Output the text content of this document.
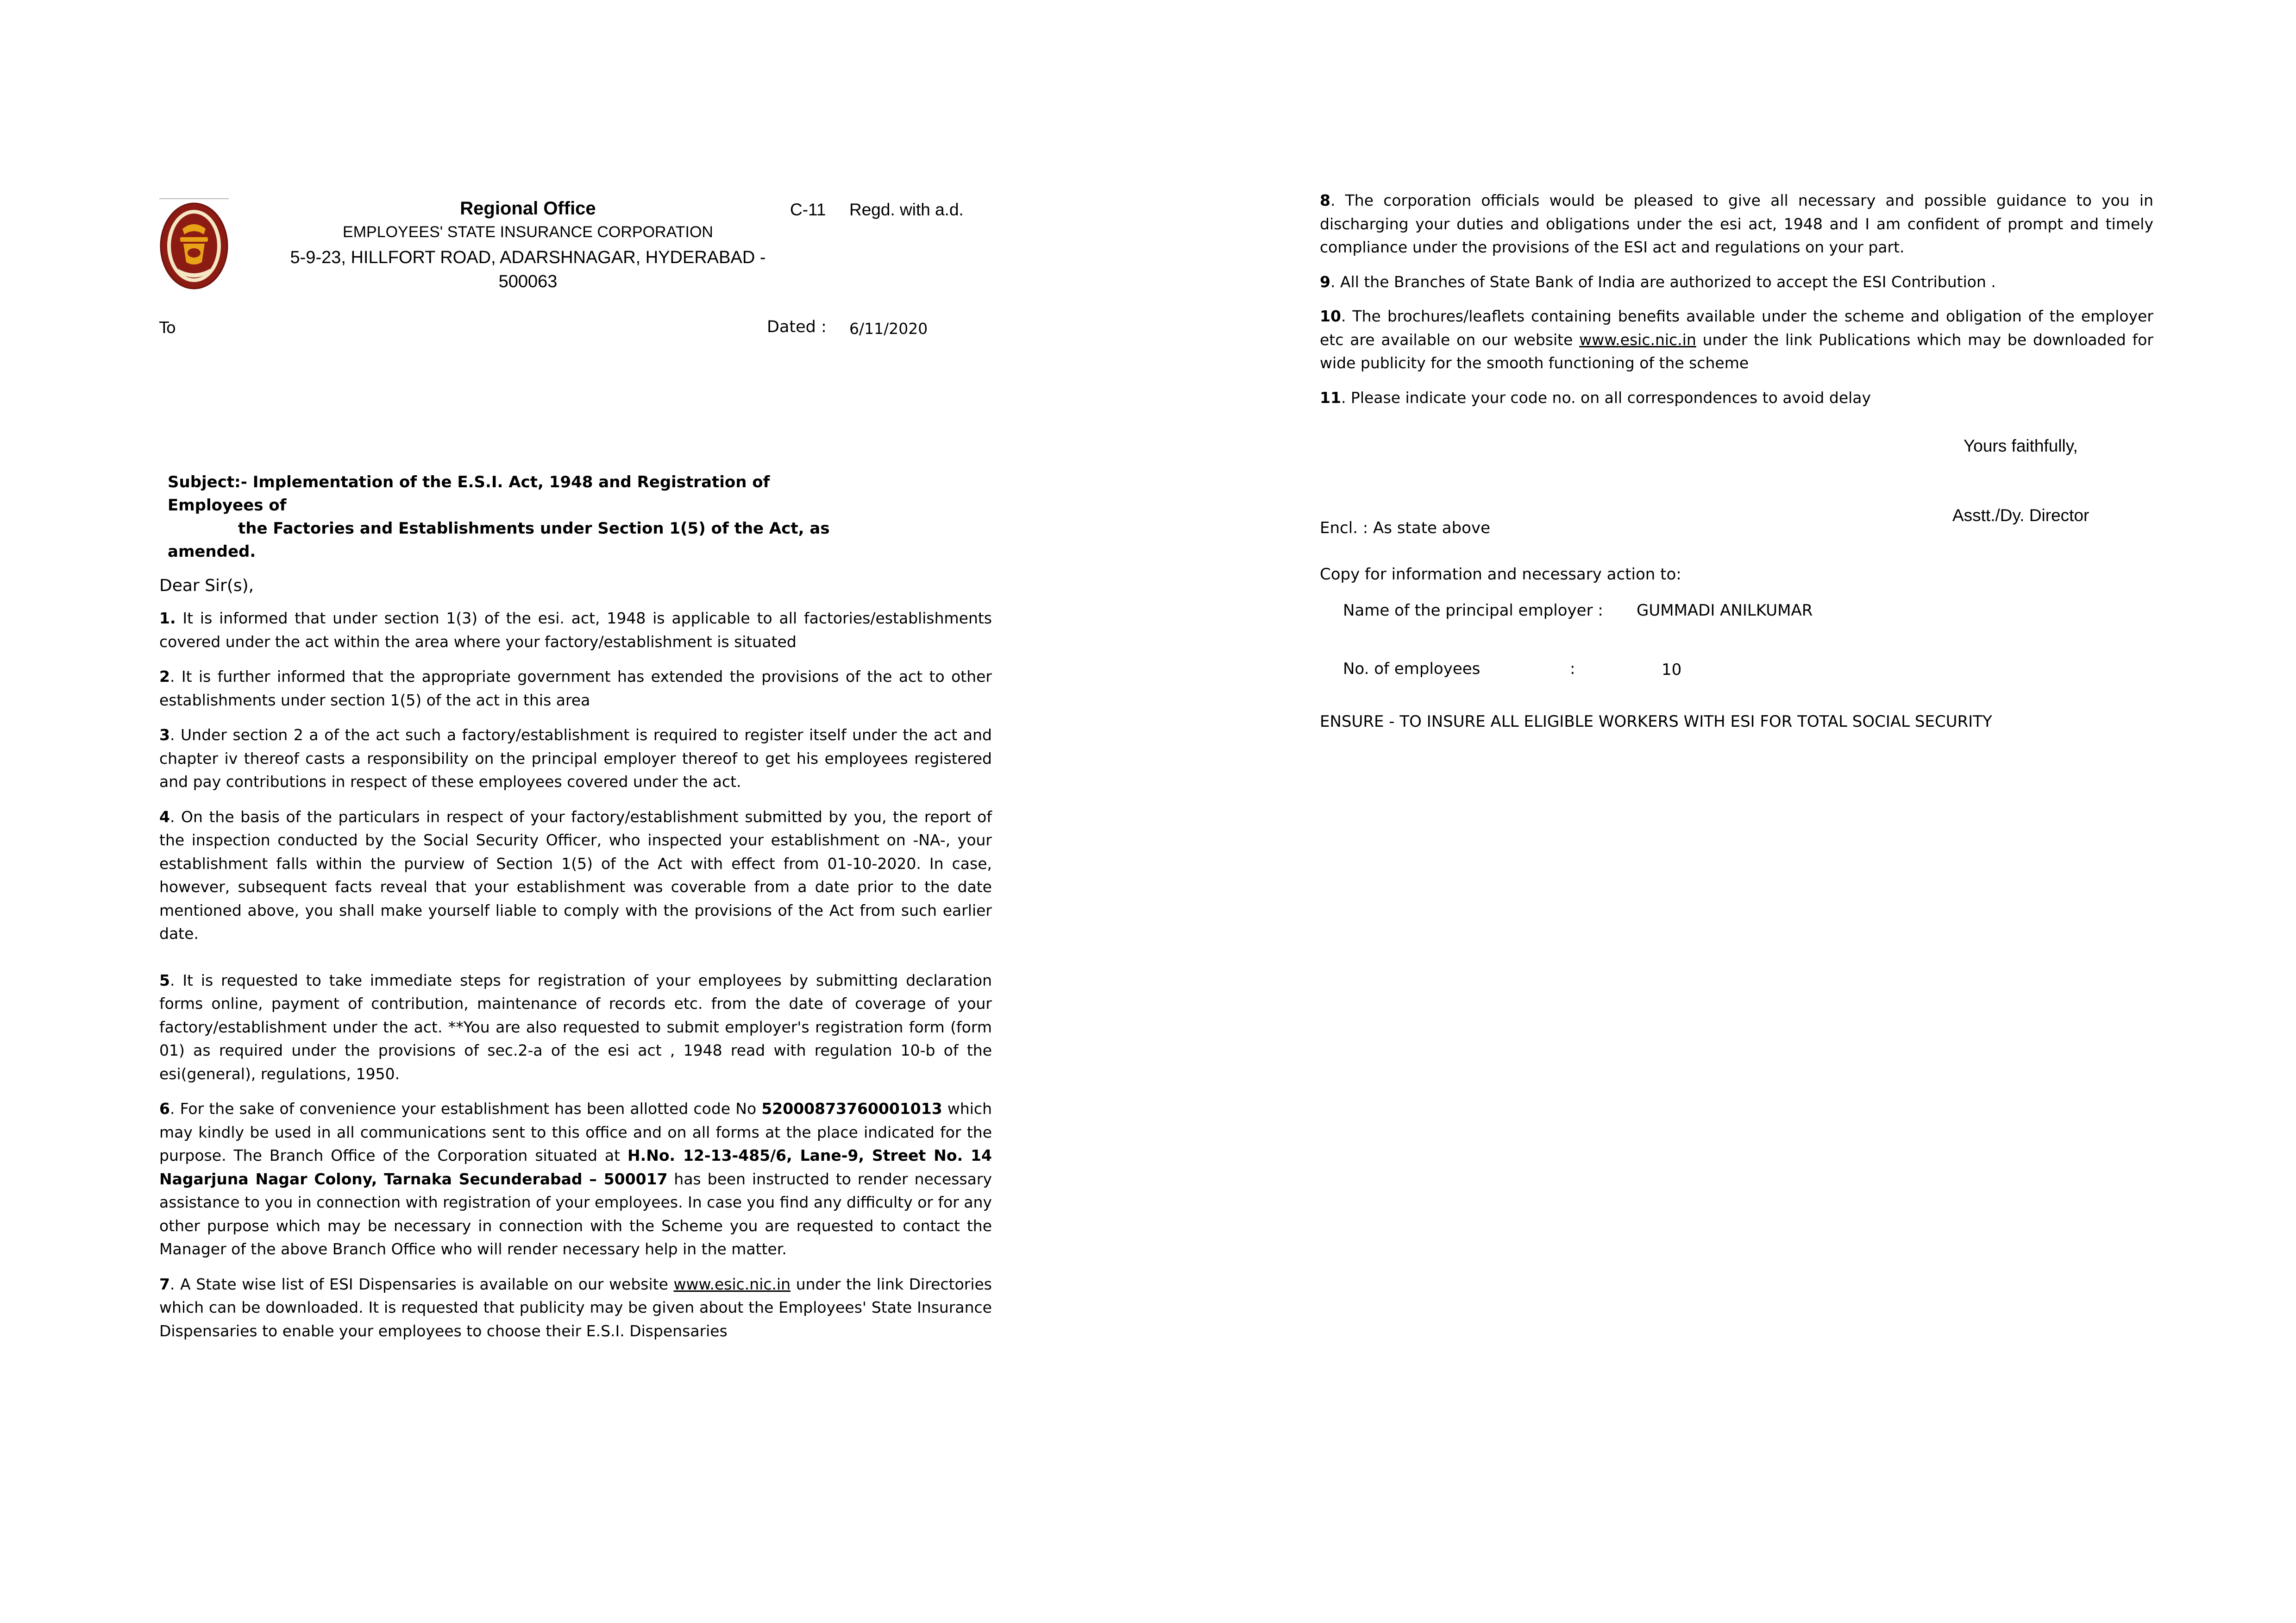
Regional Office
EMPLOYEES' STATE INSURANCE CORPORATION
5-9-23, HILLFORT ROAD, ADARSHNAGAR, HYDERABAD -
500063
C-11 Regd. with a.d.
To	Dated : 6/11/2020
Subject:- Implementation of the E.S.I. Act, 1948 and Registration of Employees of
the Factories and Establishments under Section 1(5) of the Act, as
amended.
Dear Sir(s),

1. It is informed that under section 1(3) of the esi. act, 1948 is applicable to all factories/establishments covered under the act within the area where your factory/establishment is situated

2. It is further informed that the appropriate government has extended the provisions of the act to other establishments under section 1(5) of the act in this area

3. Under section 2 a of the act such a factory/establishment is required to register itself under the act and chapter iv thereof casts a responsibility on the principal employer thereof to get his employees registered and pay contributions in respect of these employees covered under the act.

4. On the basis of the particulars in respect of your factory/establishment submitted by you, the report of the inspection conducted by the Social Security Officer, who inspected your establishment on -NA-, your establishment falls within the purview of Section 1(5) of the Act with effect from 01-10-2020. In case, however, subsequent facts reveal that your establishment was coverable from a date prior to the date mentioned above, you shall make yourself liable to comply with the provisions of the Act from such earlier date.

5. It is requested to take immediate steps for registration of your employees by submitting declaration forms online, payment of contribution, maintenance of records etc. from the date of coverage of your factory/establishment under the act. **You are also requested to submit employer's registration form (form 01) as required under the provisions of sec.2-a of the esi act , 1948 read with regulation 10-b of the esi(general), regulations, 1950.

6. For the sake of convenience your establishment has been allotted code No 52000873760001013 which may kindly be used in all communications sent to this office and on all forms at the place indicated for the purpose. The Branch Office of the Corporation situated at H.No. 12-13-485/6, Lane-9, Street No. 14 Nagarjuna Nagar Colony, Tarnaka Secunderabad – 500017 has been instructed to render necessary assistance to you in connection with registration of your employees. In case you find any difficulty or for any other purpose which may be necessary in connection with the Scheme you are requested to contact the Manager of the above Branch Office who will render necessary help in the matter.

7. A State wise list of ESI Dispensaries is available on our website www.esic.nic.in under the link Directories which can be downloaded. It is requested that publicity may be given about the Employees' State Insurance Dispensaries to enable your employees to choose their E.S.I. Dispensaries

8. The corporation officials would be pleased to give all necessary and possible guidance to you in discharging your duties and obligations under the esi act, 1948 and I am confident of prompt and timely compliance under the provisions of the ESI act and regulations on your part.

9. All the Branches of State Bank of India are authorized to accept the ESI Contribution .

10. The brochures/leaflets containing benefits available under the scheme and obligation of the employer etc are available on our website www.esic.nic.in under the link Publications which may be downloaded for wide publicity for the smooth functioning of the scheme

11. Please indicate your code no. on all correspondences to avoid delay

Yours faithfully,
Asstt./Dy. Director
Encl. : As state above
Copy for information and necessary action to:
Name of the principal employer : GUMMADI ANILKUMAR
No. of employees	:	10
ENSURE - TO INSURE ALL ELIGIBLE WORKERS WITH ESI FOR TOTAL SOCIAL SECURITY
